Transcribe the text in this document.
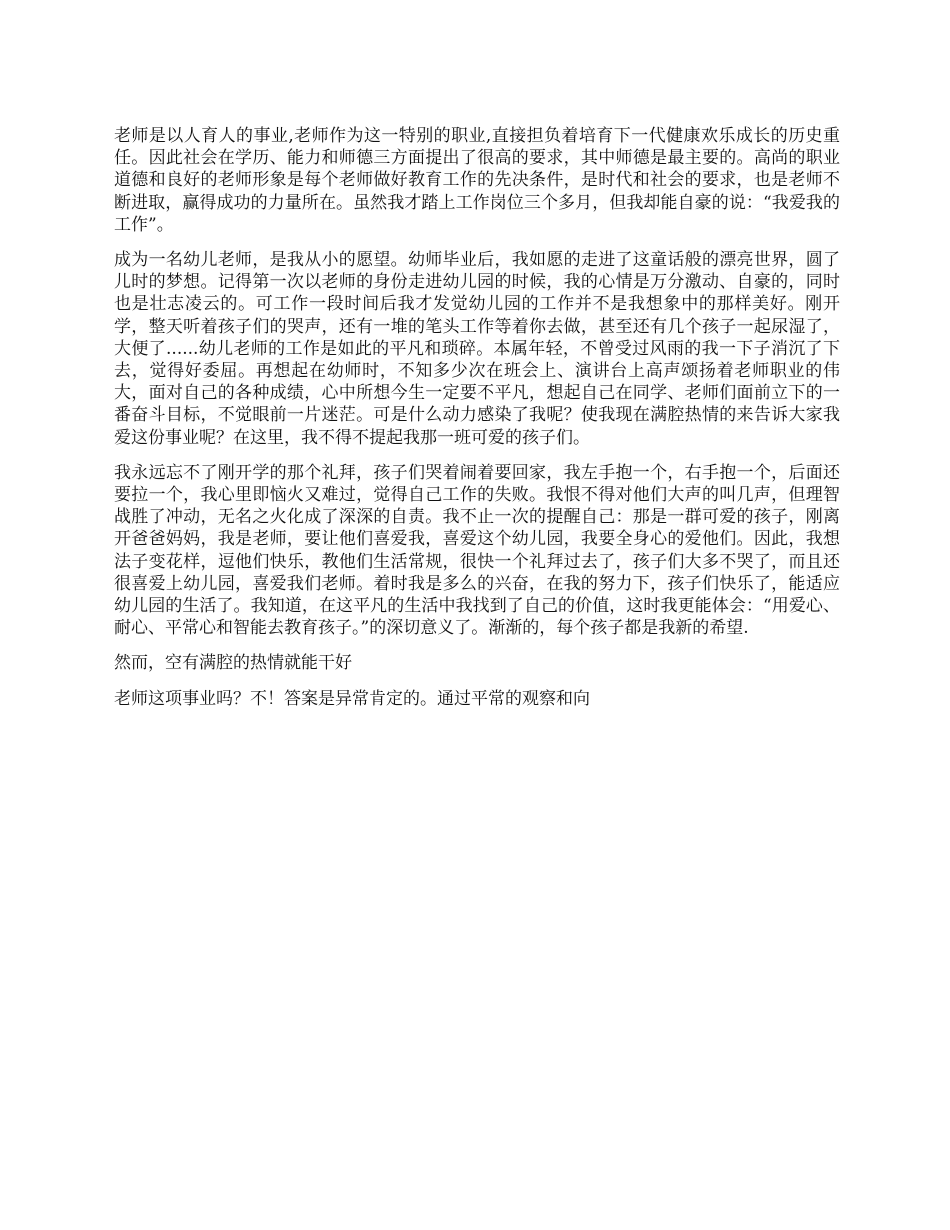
老师是以人育人的事业,老师作为这一特别的职业,直接担负着培育下一代健康欢乐成长的历史重任。因此社会在学历、能力和师德三方面提出了很高的要求，其中师德是最主要的。高尚的职业道德和良好的老师形象是每个老师做好教育工作的先决条件，是时代和社会的要求，也是老师不断进取，赢得成功的力量所在。虽然我才踏上工作岗位三个多月，但我却能自豪的说：“我爱我的工作”。

成为一名幼儿老师，是我从小的愿望。幼师毕业后，我如愿的走进了这童话般的漂亮世界，圆了儿时的梦想。记得第一次以老师的身份走进幼儿园的时候，我的心情是万分激动、自豪的，同时也是壮志凌云的。可工作一段时间后我才发觉幼儿园的工作并不是我想象中的那样美好。刚开学，整天听着孩子们的哭声，还有一堆的笔头工作等着你去做，甚至还有几个孩子一起尿湿了，大便了......幼儿老师的工作是如此的平凡和琐碎。本属年轻，不曾受过风雨的我一下子消沉了下去，觉得好委屈。再想起在幼师时，不知多少次在班会上、演讲台上高声颂扬着老师职业的伟大，面对自己的各种成绩，心中所想今生一定要不平凡，想起自己在同学、老师们面前立下的一番奋斗目标，不觉眼前一片迷茫。可是什么动力感染了我呢？使我现在满腔热情的来告诉大家我爱这份事业呢？在这里，我不得不提起我那一班可爱的孩子们。

我永远忘不了刚开学的那个礼拜，孩子们哭着闹着要回家，我左手抱一个，右手抱一个，后面还要拉一个，我心里即恼火又难过，觉得自己工作的失败。我恨不得对他们大声的叫几声，但理智战胜了冲动，无名之火化成了深深的自责。我不止一次的提醒自己：那是一群可爱的孩子，刚离开爸爸妈妈，我是老师，要让他们喜爱我，喜爱这个幼儿园，我要全身心的爱他们。因此，我想法子变花样，逗他们快乐，教他们生活常规，很快一个礼拜过去了，孩子们大多不哭了，而且还很喜爱上幼儿园，喜爱我们老师。着时我是多么的兴奋，在我的努力下，孩子们快乐了，能适应幼儿园的生活了。我知道，在这平凡的生活中我找到了自己的价值，这时我更能体会：“用爱心、耐心、平常心和智能去教育孩子。”的深切意义了。渐渐的，每个孩子都是我新的希望.

然而，空有满腔的热情就能干好

老师这项事业吗？不！答案是异常肯定的。通过平常的观察和向
